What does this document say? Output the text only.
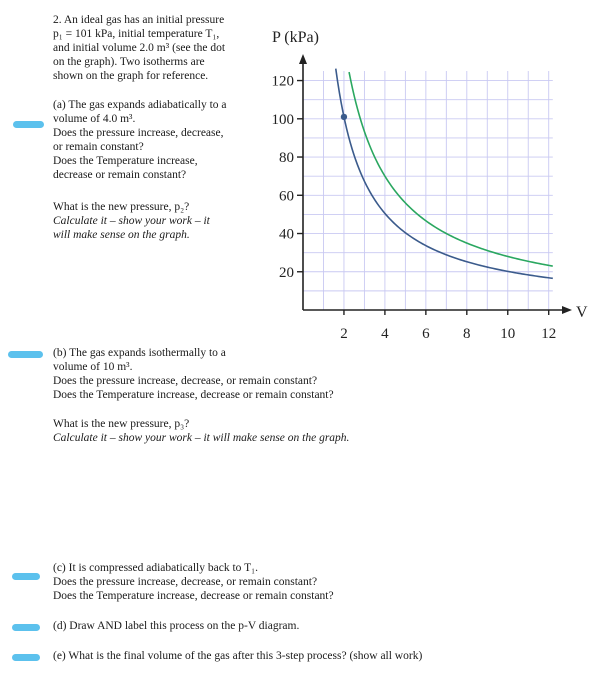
2. An ideal gas has an initial pressure
p₁ = 101 kPa, initial temperature T₁,
and initial volume 2.0 m³ (see the dot
on the graph). Two isotherms are
shown on the graph for reference.
(a) The gas expands adiabatically to a
volume of 4.0 m³.
Does the pressure increase, decrease,
or remain constant?
Does the Temperature increase,
decrease or remain constant?
What is the new pressure, p₂?
Calculate it – show your work – it
will make sense on the graph.
20
40
60
80
100
120
2 4 6 8 10 12
P (kPa)
V
(b) The gas expands isothermally to a
volume of 10 m³.
Does the pressure increase, decrease, or remain constant?
Does the Temperature increase, decrease or remain constant?
What is the new pressure, p₃?
Calculate it – show your work – it will make sense on the graph.
(c) It is compressed adiabatically back to T₁.
Does the pressure increase, decrease, or remain constant?
Does the Temperature increase, decrease or remain constant?
(d) Draw AND label this process on the p-V diagram.
(e) What is the final volume of the gas after this 3-step process? (show all work)
